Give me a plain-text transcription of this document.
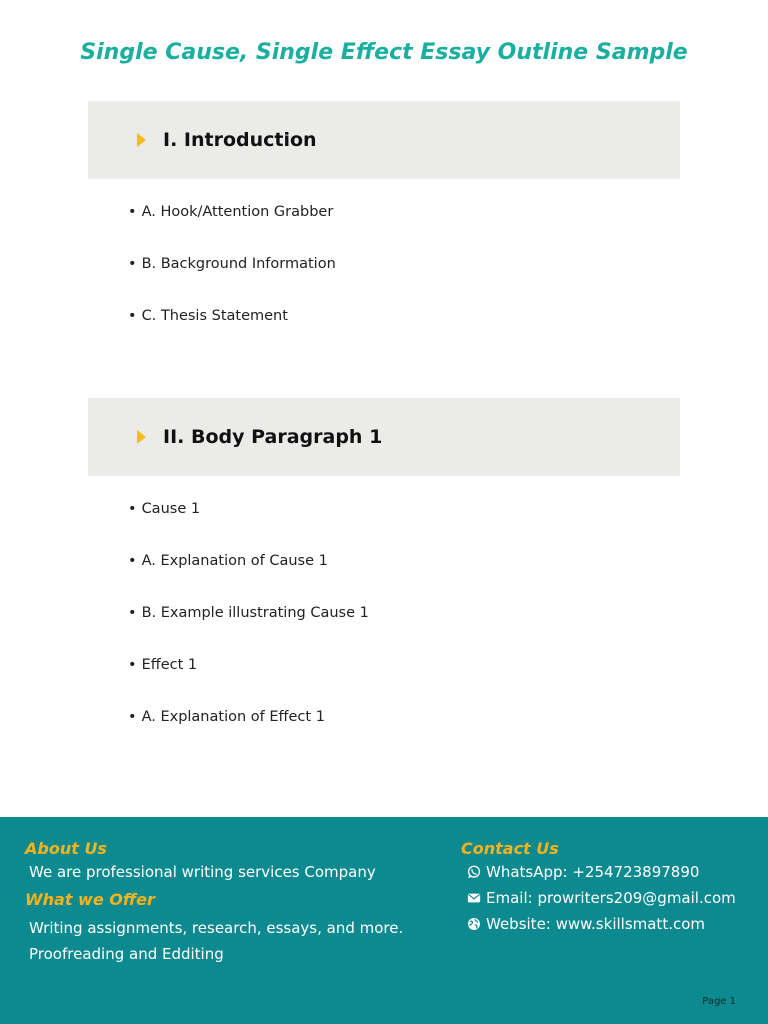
Single Cause, Single Effect Essay Outline Sample
I. Introduction
• A. Hook/Attention Grabber
• B. Background Information
• C. Thesis Statement
II. Body Paragraph 1
• Cause 1
• A. Explanation of Cause 1
• B. Example illustrating Cause 1
• Effect 1
• A. Explanation of Effect 1

About Us

We are professional writing services Company

What we Offer

Writing assignments, research, essays, and more.

Proofreading and Edditing

Contact Us

WhatsApp: +254723897890
Email: prowriters209@gmail.com
Website: www.skillsmatt.com
Page 1
